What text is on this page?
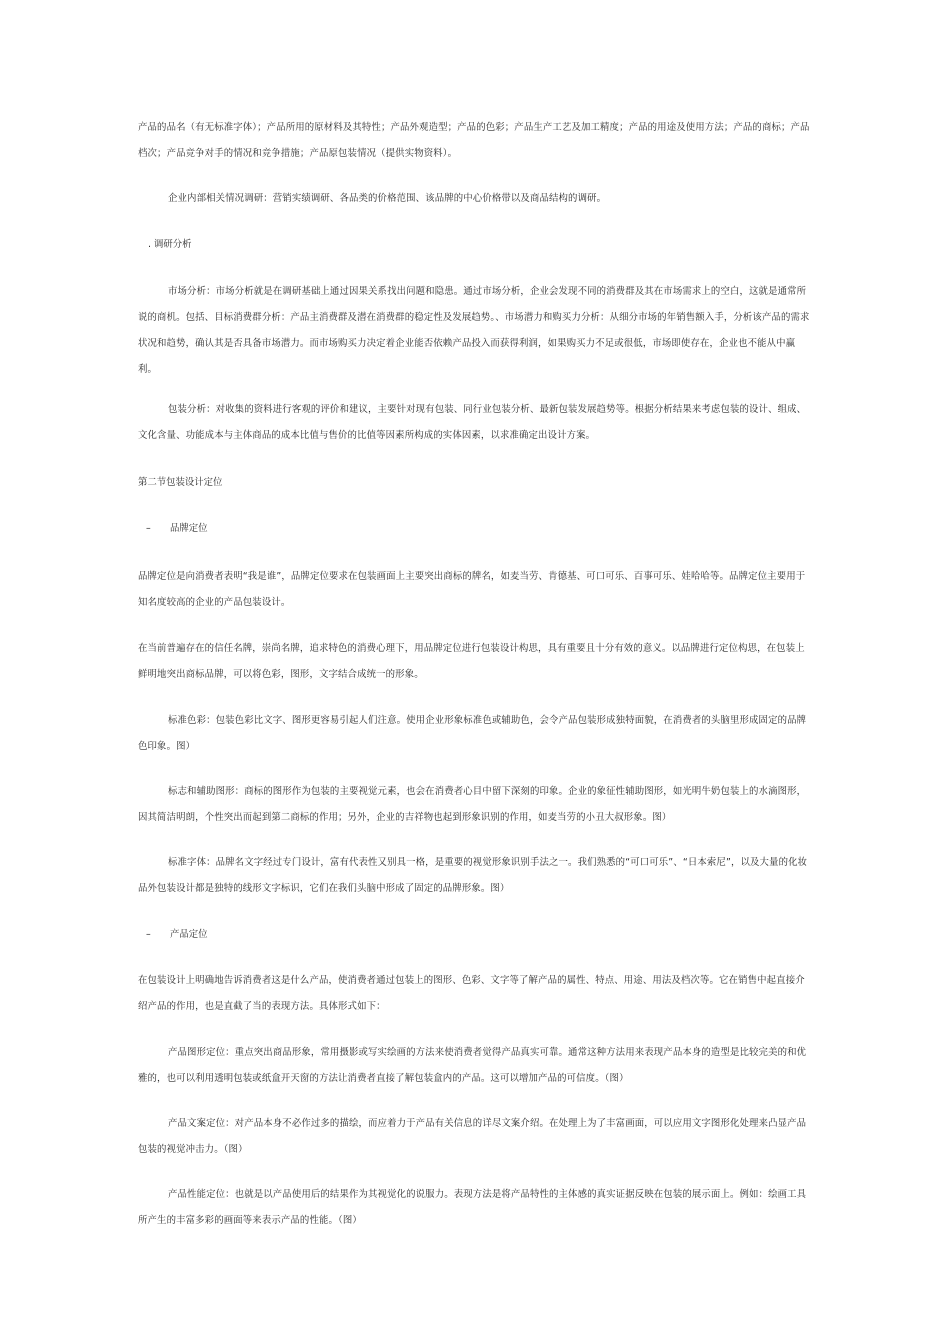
产品的品名（有无标准字体）；产品所用的原材料及其特性；产品外观造型；产品的色彩；产品生产工艺及加工精度；产品的用途及使用方法；产品的商标；产品档次；产品竞争对手的情况和竞争措施；产品原包装情况（提供实物资料）。

企业内部相关情况调研：营销实绩调研、各品类的价格范围、该品牌的中心价格带以及商品结构的调研。

. 调研分析

市场分析：市场分析就是在调研基础上通过因果关系找出问题和隐患。通过市场分析，企业会发现不同的消费群及其在市场需求上的空白，这就是通常所说的商机。包括、目标消费群分析：产品主消费群及潜在消费群的稳定性及发展趋势。、市场潜力和购买力分析：从细分市场的年销售额入手，分析该产品的需求状况和趋势，确认其是否具备市场潜力。而市场购买力决定着企业能否依赖产品投入而获得利润，如果购买力不足或很低，市场即使存在，企业也不能从中赢利。

包装分析：对收集的资料进行客观的评价和建议，主要针对现有包装、同行业包装分析、最新包装发展趋势等。根据分析结果来考虑包装的设计、组成、文化含量、功能成本与主体商品的成本比值与售价的比值等因素所构成的实体因素，以求准确定出设计方案。

第二节包装设计定位

– 品牌定位

品牌定位是向消费者表明“我是谁”，品牌定位要求在包装画面上主要突出商标的牌名，如麦当劳、肯德基、可口可乐、百事可乐、娃哈哈等。品牌定位主要用于知名度较高的企业的产品包装设计。

在当前普遍存在的信任名牌，崇尚名牌，追求特色的消费心理下，用品牌定位进行包装设计构思，具有重要且十分有效的意义。以品牌进行定位构思，在包装上鲜明地突出商标品牌，可以将色彩，图形，文字结合成统一的形象。

标准色彩：包装色彩比文字、图形更容易引起人们注意。使用企业形象标准色或辅助色，会令产品包装形成独特面貌，在消费者的头脑里形成固定的品牌色印象。图）

标志和辅助图形：商标的图形作为包装的主要视觉元素，也会在消费者心目中留下深刻的印象。企业的象征性辅助图形，如光明牛奶包装上的水滴图形，因其简洁明朗，个性突出而起到第二商标的作用；另外，企业的吉祥物也起到形象识别的作用，如麦当劳的小丑大叔形象。图）

标准字体：品牌名文字经过专门设计，富有代表性又别具一格，是重要的视觉形象识别手法之一。我们熟悉的“可口可乐”、“日本索尼”，以及大量的化妆品外包装设计都是独特的线形文字标识，它们在我们头脑中形成了固定的品牌形象。图）

– 产品定位

在包装设计上明确地告诉消费者这是什么产品，使消费者通过包装上的图形、色彩、文字等了解产品的属性、特点、用途、用法及档次等。它在销售中起直接介绍产品的作用，也是直截了当的表现方法。具体形式如下：

产品图形定位：重点突出商品形象，常用摄影或写实绘画的方法来使消费者觉得产品真实可靠。通常这种方法用来表现产品本身的造型是比较完美的和优雅的，也可以利用透明包装或纸盒开天窗的方法让消费者直接了解包装盒内的产品。这可以增加产品的可信度。（图）

产品文案定位：对产品本身不必作过多的描绘，而应着力于产品有关信息的详尽文案介绍。在处理上为了丰富画面，可以应用文字图形化处理来凸显产品包装的视觉冲击力。（图）

产品性能定位：也就是以产品使用后的结果作为其视觉化的说服力。表现方法是将产品特性的主体感的真实证据反映在包装的展示面上。例如：绘画工具所产生的丰富多彩的画面等来表示产品的性能。（图）
